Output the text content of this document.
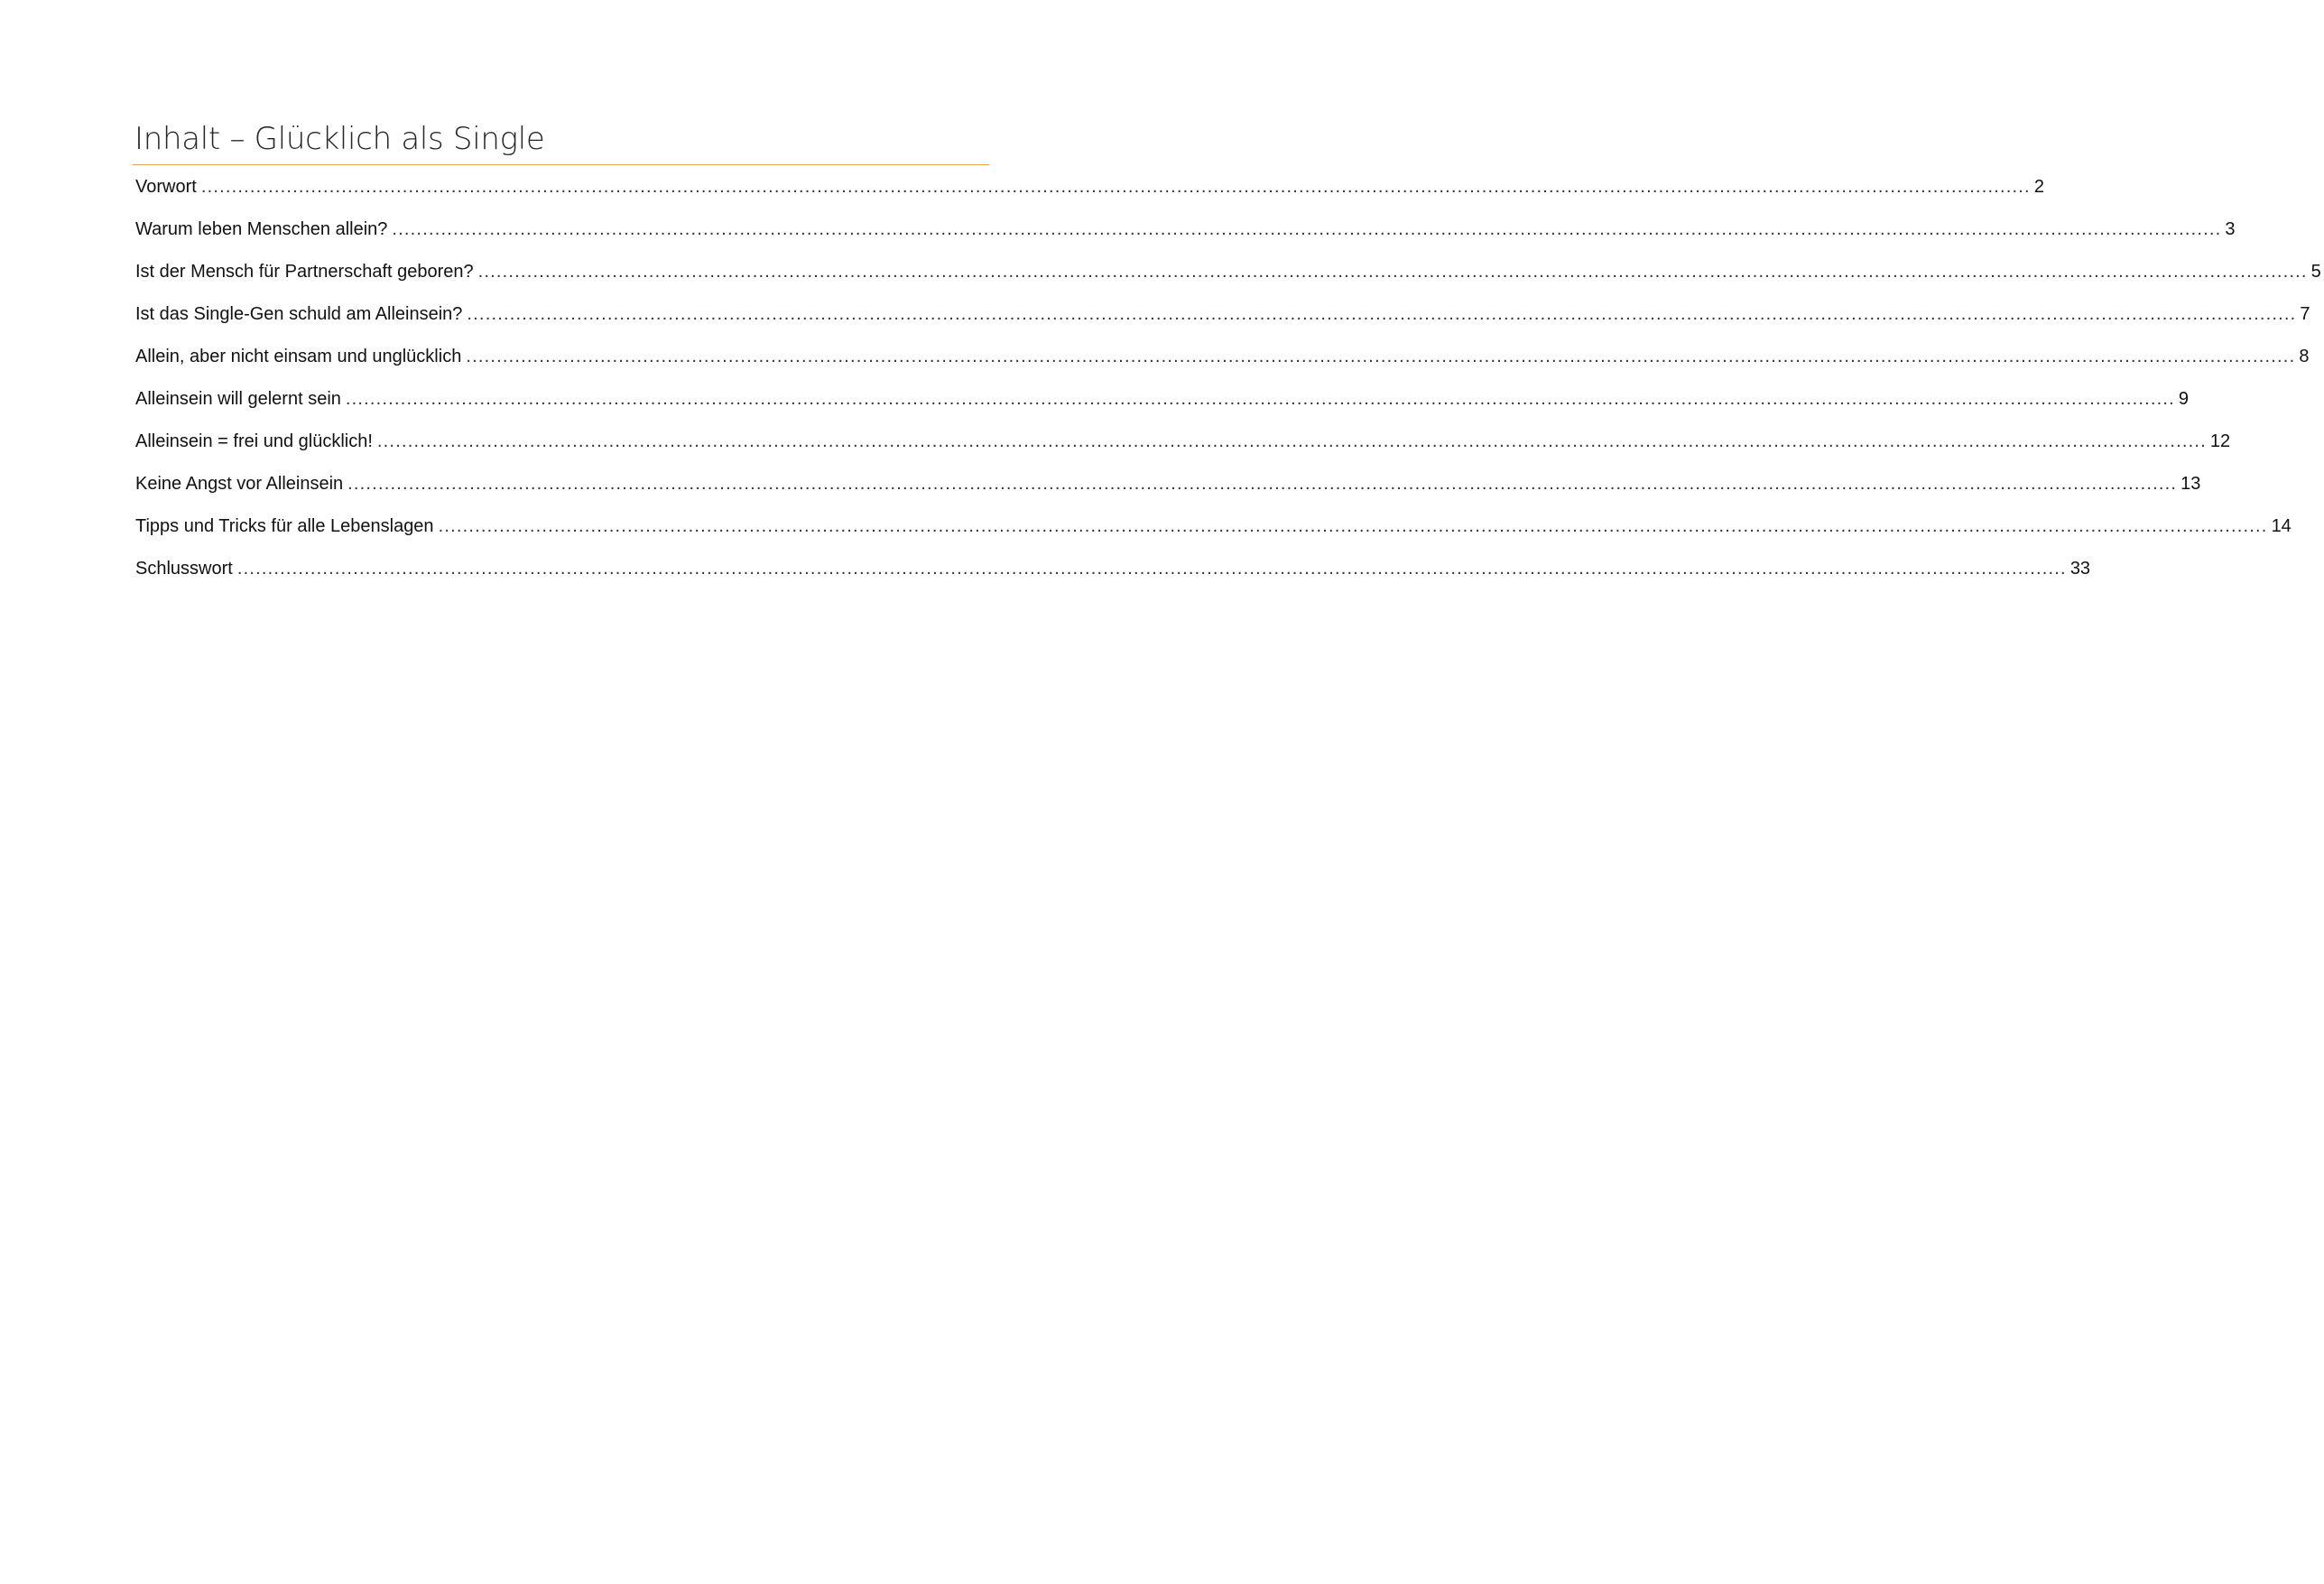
Inhalt – Glücklich als Single
Vorwort ............................................................................................................................................................................................................................................................................................................ 2
Warum leben Menschen allein? ............................................................................................................................................................................................................................................................................................................ 3
Ist der Mensch für Partnerschaft geboren? ............................................................................................................................................................................................................................................................................................................ 5
Ist das Single-Gen schuld am Alleinsein? ............................................................................................................................................................................................................................................................................................................ 7
Allein, aber nicht einsam und unglücklich ............................................................................................................................................................................................................................................................................................................ 8
Alleinsein will gelernt sein ............................................................................................................................................................................................................................................................................................................ 9
Alleinsein = frei und glücklich! ............................................................................................................................................................................................................................................................................................................ 12
Keine Angst vor Alleinsein ............................................................................................................................................................................................................................................................................................................ 13
Tipps und Tricks für alle Lebenslagen ............................................................................................................................................................................................................................................................................................................ 14
Schlusswort ............................................................................................................................................................................................................................................................................................................ 33
